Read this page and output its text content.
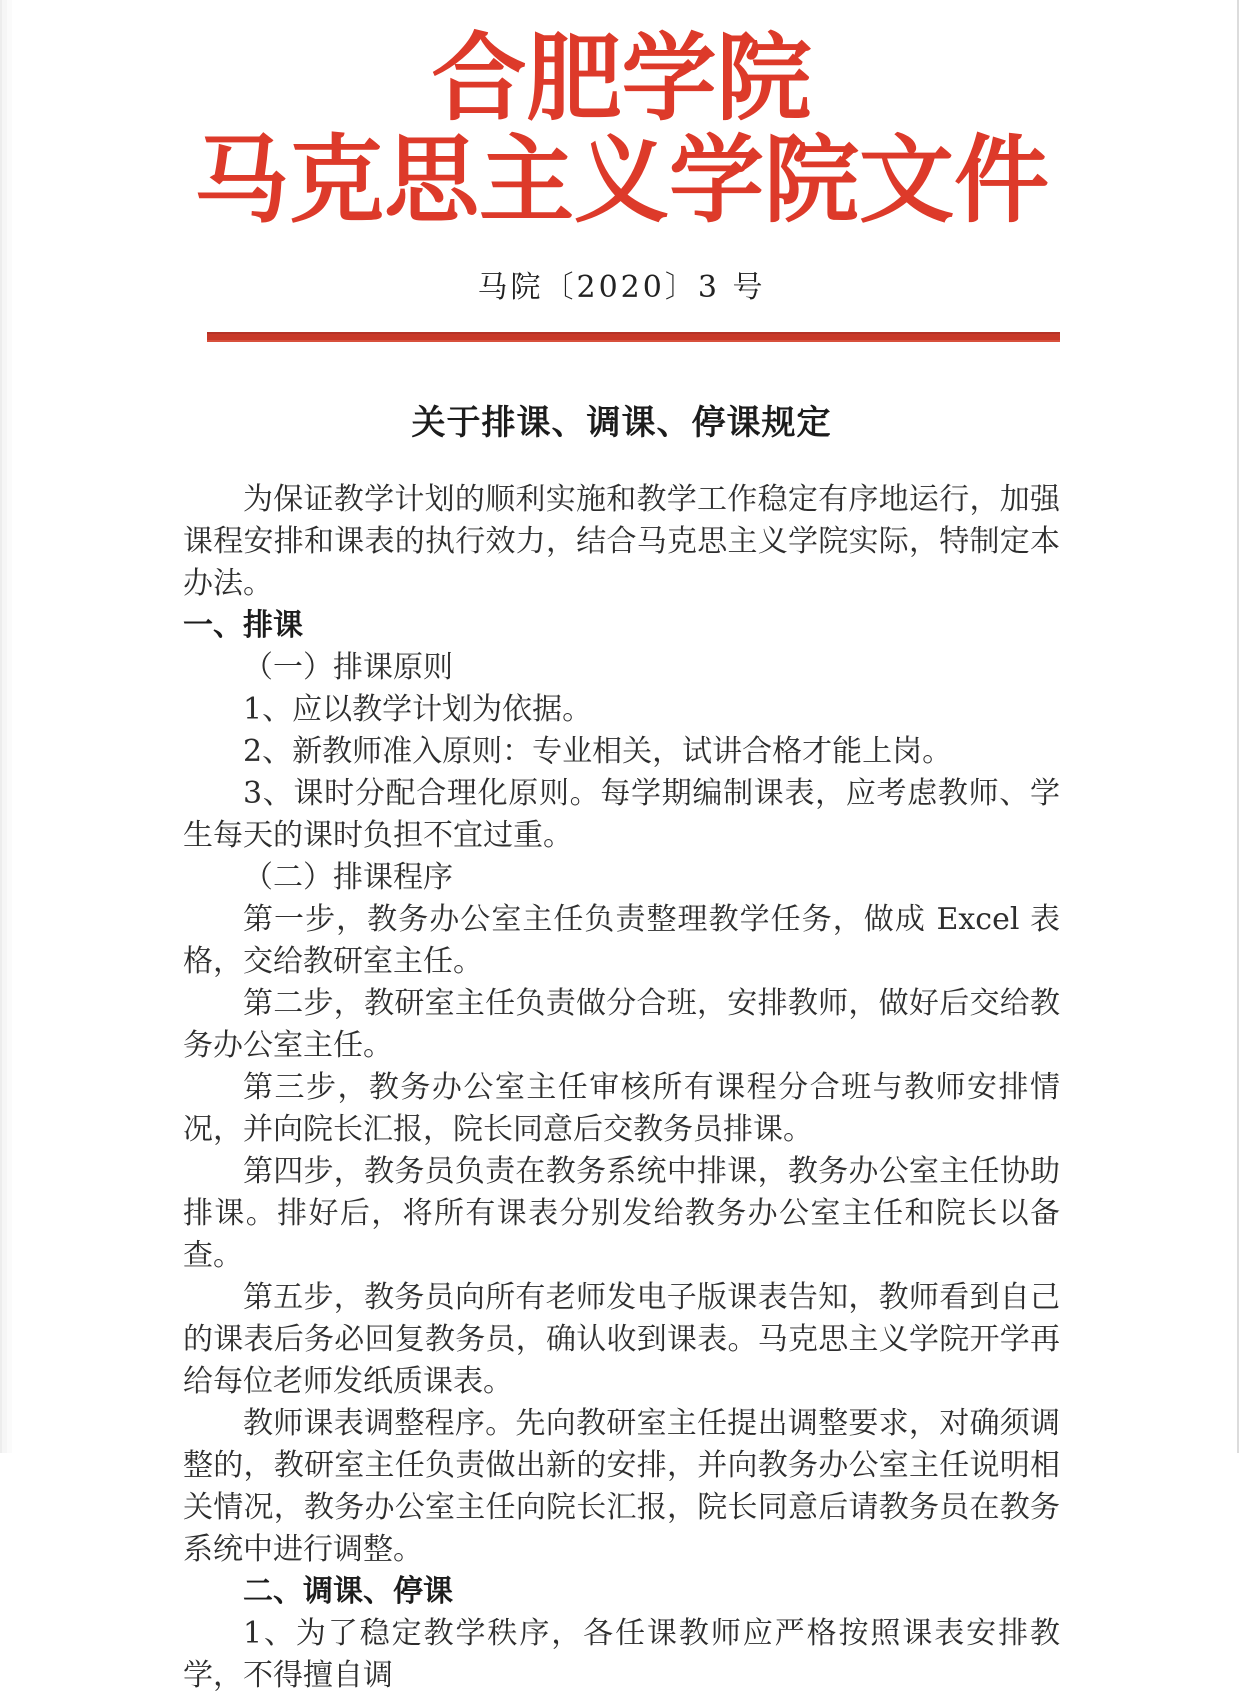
合肥学院
马克思主义学院文件
马院〔2020〕3 号
关于排课、调课、停课规定

为保证教学计划的顺利实施和教学工作稳定有序地运行，加强课程安排和课表的执行效力，结合马克思主义学院实际，特制定本办法。

一、排课

（一）排课原则

1、应以教学计划为依据。

2、新教师准入原则：专业相关，试讲合格才能上岗。

3、课时分配合理化原则。每学期编制课表，应考虑教师、学生每天的课时负担不宜过重。

（二）排课程序

第一步，教务办公室主任负责整理教学任务，做成 Excel 表格，交给教研室主任。

第二步，教研室主任负责做分合班，安排教师，做好后交给教务办公室主任。

第三步，教务办公室主任审核所有课程分合班与教师安排情况，并向院长汇报，院长同意后交教务员排课。

第四步，教务员负责在教务系统中排课，教务办公室主任协助排课。排好后，将所有课表分别发给教务办公室主任和院长以备查。

第五步，教务员向所有老师发电子版课表告知，教师看到自己的课表后务必回复教务员，确认收到课表。马克思主义学院开学再给每位老师发纸质课表。

教师课表调整程序。先向教研室主任提出调整要求，对确须调整的，教研室主任负责做出新的安排，并向教务办公室主任说明相关情况，教务办公室主任向院长汇报，院长同意后请教务员在教务系统中进行调整。

二、调课、停课

1、为了稳定教学秩序，各任课教师应严格按照课表安排教学，不得擅自调
